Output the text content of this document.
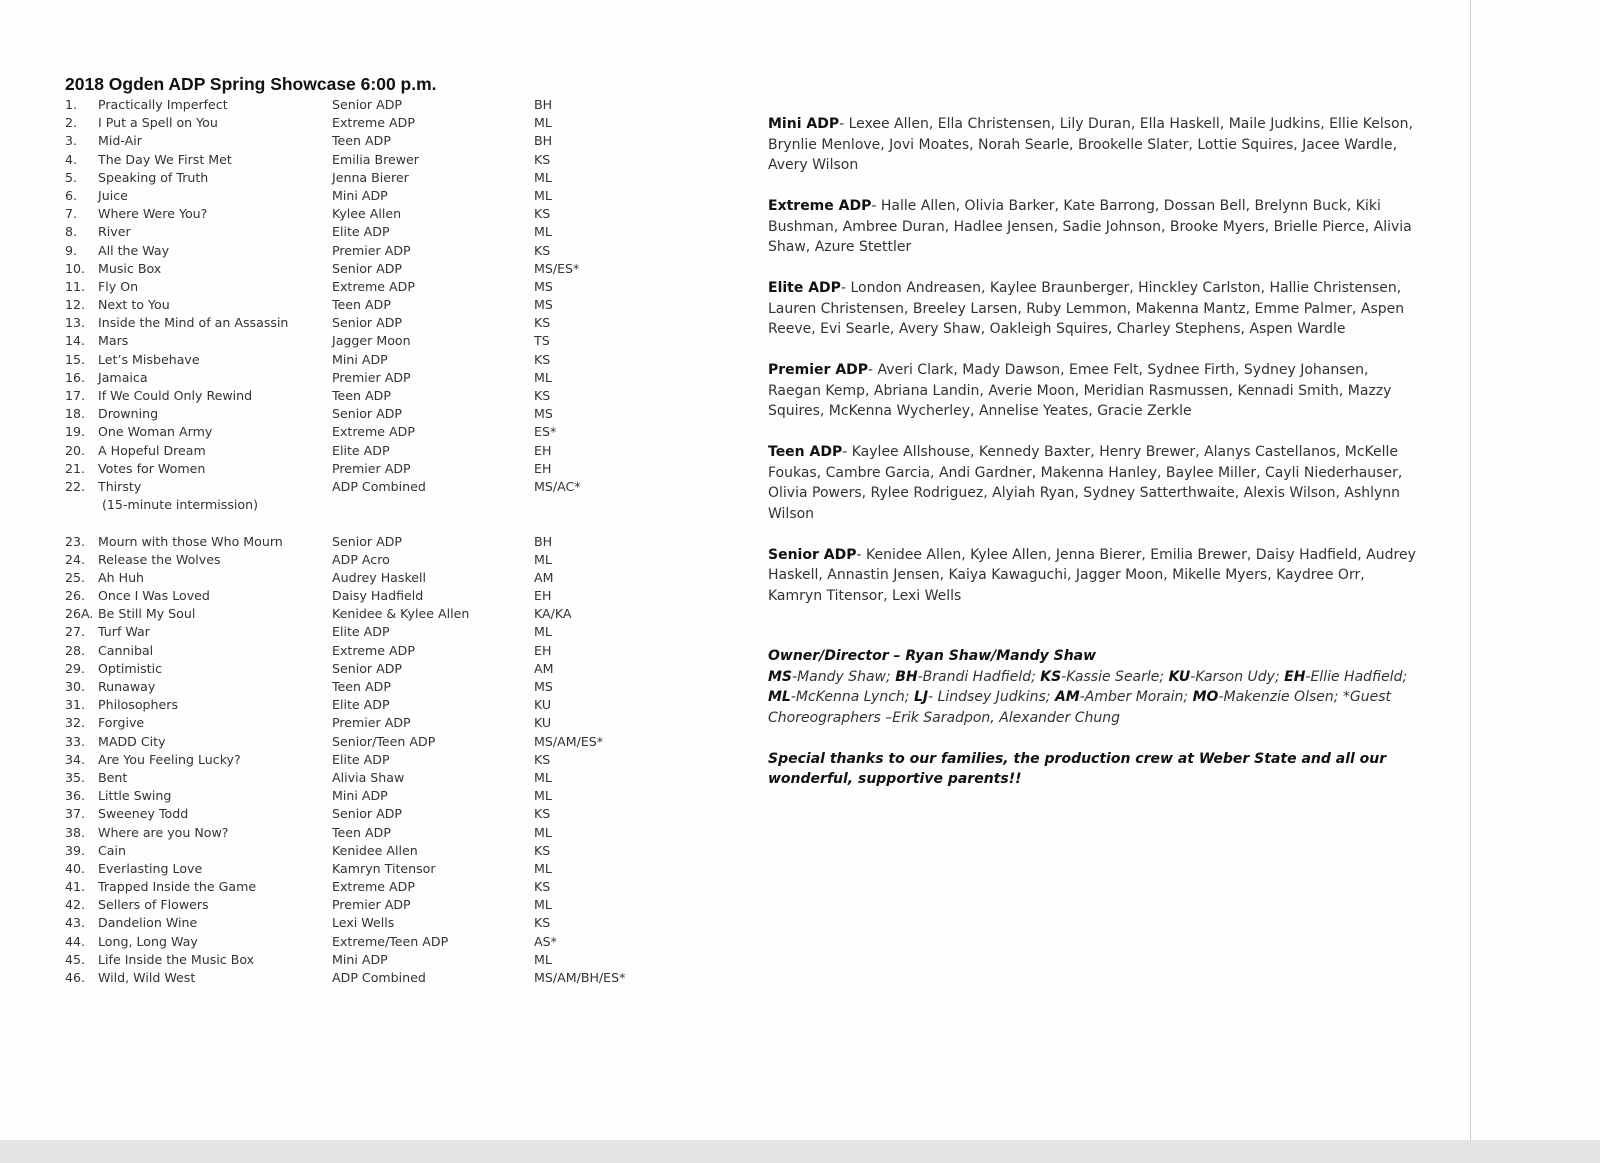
2018 Ogden ADP Spring Showcase 6:00 p.m.
1. Practically Imperfect	Senior ADP	BH
2. I Put a Spell on You	Extreme ADP	ML
3. Mid-Air	Teen ADP	BH
4. The Day We First Met	Emilia Brewer	KS
5. Speaking of Truth	Jenna Bierer	ML
6. Juice	Mini ADP	ML
7. Where Were You?	Kylee Allen	KS
8. River	Elite ADP	ML
9. All the Way	Premier ADP	KS
10. Music Box	Senior ADP	MS/ES*
11. Fly On	Extreme ADP	MS
12. Next to You	Teen ADP	MS
13. Inside the Mind of an Assassin	Senior ADP	KS
14. Mars	Jagger Moon	TS
15. Let’s Misbehave	Mini ADP	KS
16. Jamaica	Premier ADP	ML
17. If We Could Only Rewind	Teen ADP	KS
18. Drowning	Senior ADP	MS
19. One Woman Army	Extreme ADP	ES*
20. A Hopeful Dream	Elite ADP	EH
21. Votes for Women	Premier ADP	EH
22. Thirsty	ADP Combined	MS/AC*
(15-minute intermission)
23. Mourn with those Who Mourn	Senior ADP	BH
24. Release the Wolves	ADP Acro	ML
25. Ah Huh	Audrey Haskell	AM
26. Once I Was Loved	Daisy Hadfield	EH
26A. Be Still My Soul	Kenidee & Kylee Allen	KA/KA
27. Turf War	Elite ADP	ML
28. Cannibal	Extreme ADP	EH
29. Optimistic	Senior ADP	AM
30. Runaway	Teen ADP	MS
31. Philosophers	Elite ADP	KU
32. Forgive	Premier ADP	KU
33. MADD City	Senior/Teen ADP	MS/AM/ES*
34. Are You Feeling Lucky?	Elite ADP	KS
35. Bent	Alivia Shaw	ML
36. Little Swing	Mini ADP	ML
37. Sweeney Todd	Senior ADP	KS
38. Where are you Now?	Teen ADP	ML
39. Cain	Kenidee Allen	KS
40. Everlasting Love	Kamryn Titensor	ML
41. Trapped Inside the Game	Extreme ADP	KS
42. Sellers of Flowers	Premier ADP	ML
43. Dandelion Wine	Lexi Wells	KS
44. Long, Long Way	Extreme/Teen ADP	AS*
45. Life Inside the Music Box	Mini ADP	ML
46. Wild, Wild West	ADP Combined	MS/AM/BH/ES*
Mini ADP- Lexee Allen, Ella Christensen, Lily Duran, Ella Haskell, Maile Judkins, Ellie Kelson, Brynlie Menlove, Jovi Moates, Norah Searle, Brookelle Slater, Lottie Squires, Jacee Wardle, Avery Wilson
Extreme ADP- Halle Allen, Olivia Barker, Kate Barrong, Dossan Bell, Brelynn Buck, Kiki Bushman, Ambree Duran, Hadlee Jensen, Sadie Johnson, Brooke Myers, Brielle Pierce, Alivia Shaw, Azure Stettler
Elite ADP- London Andreasen, Kaylee Braunberger, Hinckley Carlston, Hallie Christensen, Lauren Christensen, Breeley Larsen, Ruby Lemmon, Makenna Mantz, Emme Palmer, Aspen Reeve, Evi Searle, Avery Shaw, Oakleigh Squires, Charley Stephens, Aspen Wardle
Premier ADP- Averi Clark, Mady Dawson, Emee Felt, Sydnee Firth, Sydney Johansen, Raegan Kemp, Abriana Landin, Averie Moon, Meridian Rasmussen, Kennadi Smith, Mazzy Squires, McKenna Wycherley, Annelise Yeates, Gracie Zerkle
Teen ADP- Kaylee Allshouse, Kennedy Baxter, Henry Brewer, Alanys Castellanos, McKelle Foukas, Cambre Garcia, Andi Gardner, Makenna Hanley, Baylee Miller, Cayli Niederhauser, Olivia Powers, Rylee Rodriguez, Alyiah Ryan, Sydney Satterthwaite, Alexis Wilson, Ashlynn Wilson
Senior ADP- Kenidee Allen, Kylee Allen, Jenna Bierer, Emilia Brewer, Daisy Hadfield, Audrey Haskell, Annastin Jensen, Kaiya Kawaguchi, Jagger Moon, Mikelle Myers, Kaydree Orr, Kamryn Titensor, Lexi Wells
Owner/Director – Ryan Shaw/Mandy Shaw
MS-Mandy Shaw; BH-Brandi Hadfield; KS-Kassie Searle; KU-Karson Udy; EH-Ellie Hadfield; ML-McKenna Lynch; LJ- Lindsey Judkins; AM-Amber Morain; MO-Makenzie Olsen; *Guest Choreographers –Erik Saradpon, Alexander Chung
Special thanks to our families, the production crew at Weber State and all our wonderful, supportive parents!!
